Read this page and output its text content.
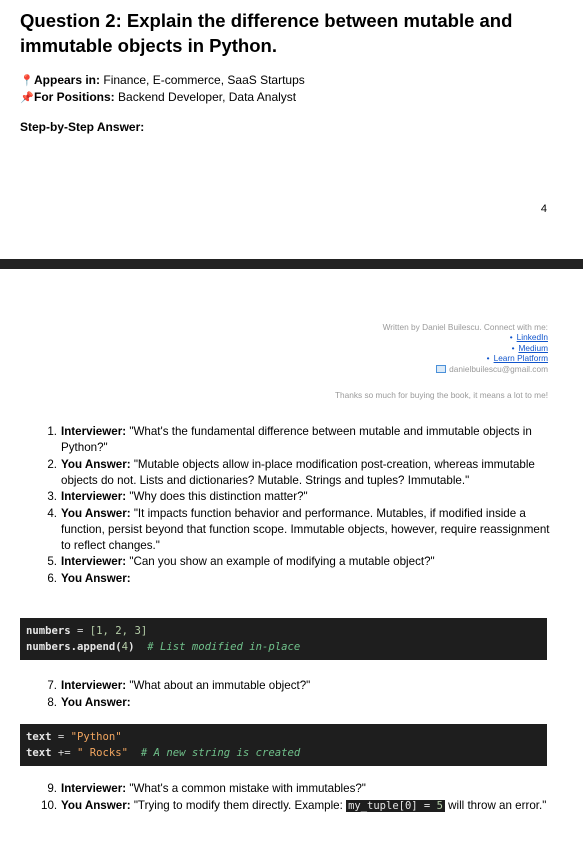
Question 2: Explain the difference between mutable and immutable objects in Python.
📍Appears in: Finance, E-commerce, SaaS Startups
📌For Positions: Backend Developer, Data Analyst
Step-by-Step Answer:
4
Written by Daniel Builescu. Connect with me:
• LinkedIn
• Medium
• Learn Platform
danielbuilescu@gmail.com
Thanks so much for buying the book, it means a lot to me!
1. Interviewer: "What's the fundamental difference between mutable and immutable objects in Python?"
2. You Answer: "Mutable objects allow in-place modification post-creation, whereas immutable objects do not. Lists and dictionaries? Mutable. Strings and tuples? Immutable."
3. Interviewer: "Why does this distinction matter?"
4. You Answer: "It impacts function behavior and performance. Mutables, if modified inside a function, persist beyond that function scope. Immutable objects, however, require reassignment to reflect changes."
5. Interviewer: "Can you show an example of modifying a mutable object?"
6. You Answer:
numbers = [1, 2, 3]
numbers.append(4) # List modified in-place
7. Interviewer: "What about an immutable object?"
8. You Answer:
text = "Python"
text += " Rocks" # A new string is created
9. Interviewer: "What's a common mistake with immutables?"
10. You Answer: "Trying to modify them directly. Example: my_tuple[0] = 5 will throw an error."
